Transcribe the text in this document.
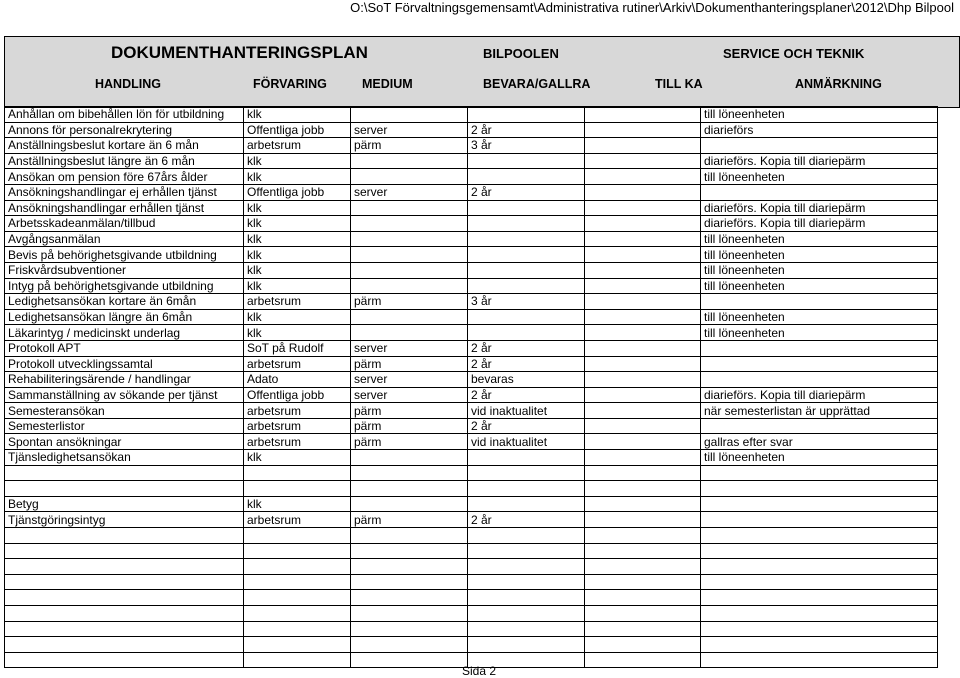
O:\SoT Förvaltningsgemensamt\Administrativa rutiner\Arkiv\Dokumenthanteringsplaner\2012\Dhp Bilpool
DOKUMENTHANTERINGSPLAN	BILPOOLEN	SERVICE OCH TEKNIK
HANDLING	FÖRVARING	MEDIUM	BEVARA/GALLRA	TILL KA	ANMÄRKNING
Anhållan om bibehållen lön för utbildning	klk				till löneenheten
Annons för personalrekrytering	Offentliga jobb	server	2 år		diarieförs
Anställningsbeslut kortare än 6 mån	arbetsrum	pärm	3 år		
Anställningsbeslut längre än 6 mån	klk				diarieförs. Kopia till diariepärm
Ansökan om pension före 67års ålder	klk				till löneenheten
Ansökningshandlingar ej erhållen tjänst	Offentliga jobb	server	2 år		
Ansökningshandlingar erhållen tjänst	klk				diarieförs. Kopia till diariepärm
Arbetsskadeanmälan/tillbud	klk				diarieförs. Kopia till diariepärm
Avgångsanmälan	klk				till löneenheten
Bevis på behörighetsgivande utbildning	klk				till löneenheten
Friskvårdsubventioner	klk				till löneenheten
Intyg på behörighetsgivande utbildning	klk				till löneenheten
Ledighetsansökan kortare än 6mån	arbetsrum	pärm	3 år		
Ledighetsansökan längre än 6mån	klk				till löneenheten
Läkarintyg / medicinskt underlag	klk				till löneenheten
Protokoll APT	SoT på Rudolf	server	2 år		
Protokoll utvecklingssamtal	arbetsrum	pärm	2 år		
Rehabiliteringsärende / handlingar	Adato	server	bevaras		
Sammanställning av sökande per tjänst	Offentliga jobb	server	2 år		diarieförs. Kopia till diariepärm
Semesteransökan	arbetsrum	pärm	vid inaktualitet		när semesterlistan är upprättad
Semesterlistor	arbetsrum	pärm	2 år		
Spontan ansökningar	arbetsrum	pärm	vid inaktualitet		gallras efter svar
Tjänsledighetsansökan	klk				till löneenheten

Betyg	klk				
Tjänstgöringsintyg	arbetsrum	pärm	2 år		

Sida 2
